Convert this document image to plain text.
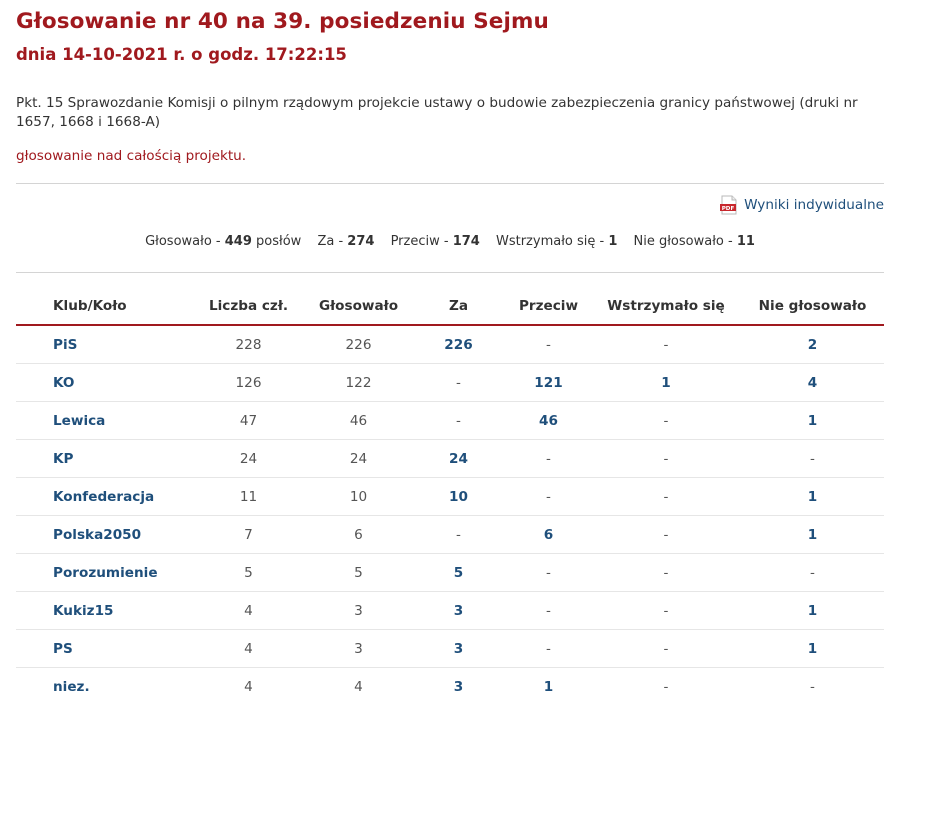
Głosowanie nr 40 na 39. posiedzeniu Sejmu
dnia 14-10-2021 r. o godz. 17:22:15

Pkt. 15 Sprawozdanie Komisji o pilnym rządowym projekcie ustawy o budowie zabezpieczenia granicy państwowej (druki nr 1657, 1668 i 1668-A)

głosowanie nad całością projektu.

PDF Wyniki indywidualne
Głosowało - 449 posłów Za - 274 Przeciw - 174 Wstrzymało się - 1 Nie głosowało - 11
Klub/Koło	Liczba czł.	Głosowało	Za	Przeciw	Wstrzymało się	Nie głosowało
PiS	228	226	226	-	-	2
KO	126	122	-	121	1	4
Lewica	47	46	-	46	-	1
KP	24	24	24	-	-	-
Konfederacja	11	10	10	-	-	1
Polska2050	7	6	-	6	-	1
Porozumienie	5	5	5	-	-	-
Kukiz15	4	3	3	-	-	1
PS	4	3	3	-	-	1
niez.	4	4	3	1	-	-
